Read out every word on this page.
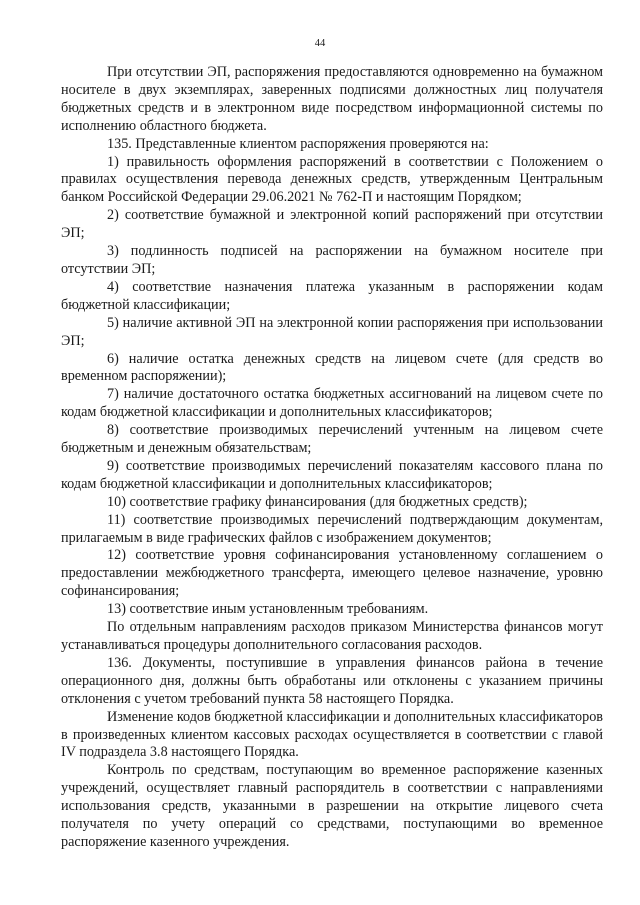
44

При отсутствии ЭП, распоряжения предоставляются одновременно на бумажном носителе в двух экземплярах, заверенных подписями должностных лиц получателя бюджетных средств и в электронном виде посредством информационной системы по исполнению областного бюджета.

135. Представленные клиентом распоряжения проверяются на:

1) правильность оформления распоряжений в соответствии с Положением о правилах осуществления перевода денежных средств, утвержденным Центральным банком Российской Федерации 29.06.2021 № 762-П и настоящим Порядком;

2) соответствие бумажной и электронной копий распоряжений при отсутствии ЭП;

3) подлинность подписей на распоряжении на бумажном носителе при отсутствии ЭП;

4) соответствие назначения платежа указанным в распоряжении кодам бюджетной классификации;

5) наличие активной ЭП на электронной копии распоряжения при использовании ЭП;

6) наличие остатка денежных средств на лицевом счете (для средств во временном распоряжении);

7) наличие достаточного остатка бюджетных ассигнований на лицевом счете по кодам бюджетной классификации и дополнительных классификаторов;

8) соответствие производимых перечислений учтенным на лицевом счете бюджетным и денежным обязательствам;

9) соответствие производимых перечислений показателям кассового плана по кодам бюджетной классификации и дополнительных классификаторов;

10) соответствие графику финансирования (для бюджетных средств);

11) соответствие производимых перечислений подтверждающим документам, прилагаемым в виде графических файлов с изображением документов;

12) соответствие уровня софинансирования установленному соглашением о предоставлении межбюджетного трансферта, имеющего целевое назначение, уровню софинансирования;

13) соответствие иным установленным требованиям.

По отдельным направлениям расходов приказом Министерства финансов могут устанавливаться процедуры дополнительного согласования расходов.

136. Документы, поступившие в управления финансов района в течение операционного дня, должны быть обработаны или отклонены с указанием причины отклонения с учетом требований пункта 58 настоящего Порядка.

Изменение кодов бюджетной классификации и дополнительных классификаторов в произведенных клиентом кассовых расходах осуществляется в соответствии с главой IV подраздела 3.8 настоящего Порядка.

Контроль по средствам, поступающим во временное распоряжение казенных учреждений, осуществляет главный распорядитель в соответствии с направлениями использования средств, указанными в разрешении на открытие лицевого счета получателя по учету операций со средствами, поступающими во временное распоряжение казенного учреждения.
